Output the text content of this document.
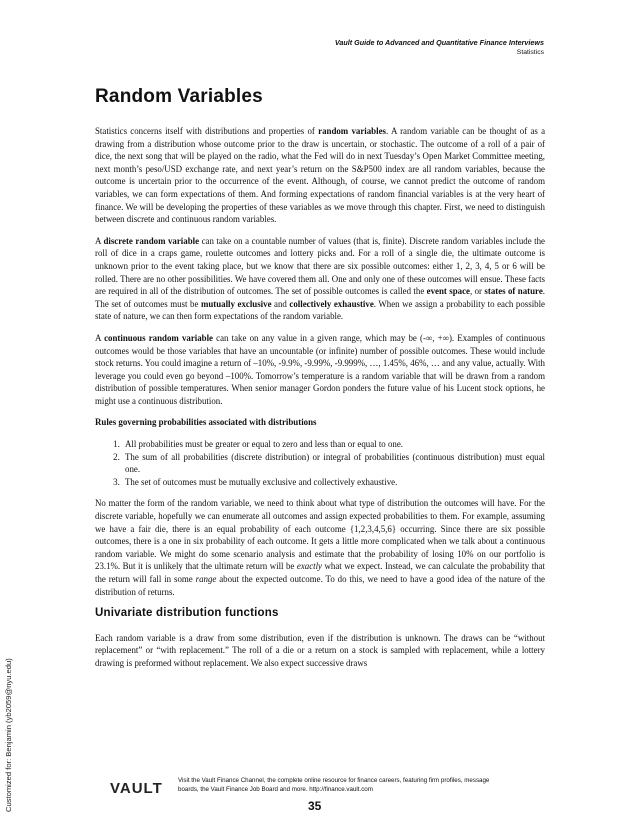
Vault Guide to Advanced and Quantitative Finance Interviews
Statistics
Random Variables

Statistics concerns itself with distributions and properties of random variables. A random variable can be thought of as a drawing from a distribution whose outcome prior to the draw is uncertain, or stochastic. The outcome of a roll of a pair of dice, the next song that will be played on the radio, what the Fed will do in next Tuesday’s Open Market Committee meeting, next month’s peso/USD exchange rate, and next year’s return on the S&P500 index are all random variables, because the outcome is uncertain prior to the occurrence of the event. Although, of course, we cannot predict the outcome of random variables, we can form expectations of them. And forming expectations of random financial variables is at the very heart of finance. We will be developing the properties of these variables as we move through this chapter. First, we need to distinguish between discrete and continuous random variables.

A discrete random variable can take on a countable number of values (that is, finite). Discrete random variables include the roll of dice in a craps game, roulette outcomes and lottery picks and. For a roll of a single die, the ultimate outcome is unknown prior to the event taking place, but we know that there are six possible outcomes: either 1, 2, 3, 4, 5 or 6 will be rolled. There are no other possibilities. We have covered them all. One and only one of these outcomes will ensue. These facts are required in all of the distribution of outcomes. The set of possible outcomes is called the event space, or states of nature. The set of outcomes must be mutually exclusive and collectively exhaustive. When we assign a probability to each possible state of nature, we can then form expectations of the random variable.

A continuous random variable can take on any value in a given range, which may be (-∞, +∞). Examples of continuous outcomes would be those variables that have an uncountable (or infinite) number of possible outcomes. These would include stock returns. You could imagine a return of –10%, -9.9%, -9.99%, -9.999%, …, 1.45%, 46%, … and any value, actually. With leverage you could even go beyond –100%. Tomorrow’s temperature is a random variable that will be drawn from a random distribution of possible temperatures. When senior manager Gordon ponders the future value of his Lucent stock options, he might use a continuous distribution.

Rules governing probabilities associated with distributions
1. All probabilities must be greater or equal to zero and less than or equal to one.
2. The sum of all probabilities (discrete distribution) or integral of probabilities (continuous distribution) must equal one.
3. The set of outcomes must be mutually exclusive and collectively exhaustive.

No matter the form of the random variable, we need to think about what type of distribution the outcomes will have. For the discrete variable, hopefully we can enumerate all outcomes and assign expected probabilities to them. For example, assuming we have a fair die, there is an equal probability of each outcome {1,2,3,4,5,6} occurring. Since there are six possible outcomes, there is a one in six probability of each outcome. It gets a little more complicated when we talk about a continuous random variable. We might do some scenario analysis and estimate that the probability of losing 10% on our portfolio is 23.1%. But it is unlikely that the ultimate return will be exactly what we expect. Instead, we can calculate the probability that the return will fall in some range about the expected outcome. To do this, we need to have a good idea of the nature of the distribution of returns.

Univariate distribution functions

Each random variable is a draw from some distribution, even if the distribution is unknown. The draws can be “without replacement” or “with replacement.” The roll of a die or a return on a stock is sampled with replacement, while a lottery drawing is preformed without replacement. We also expect successive draws

Customized for: Benjamin (yb2059@nyu.edu)	VAULT Visit the Vault Finance Channel, the complete online resource for finance careers, featuring firm profiles, message boards, the Vault Finance Job Board and more. http://finance.vault.com
35
